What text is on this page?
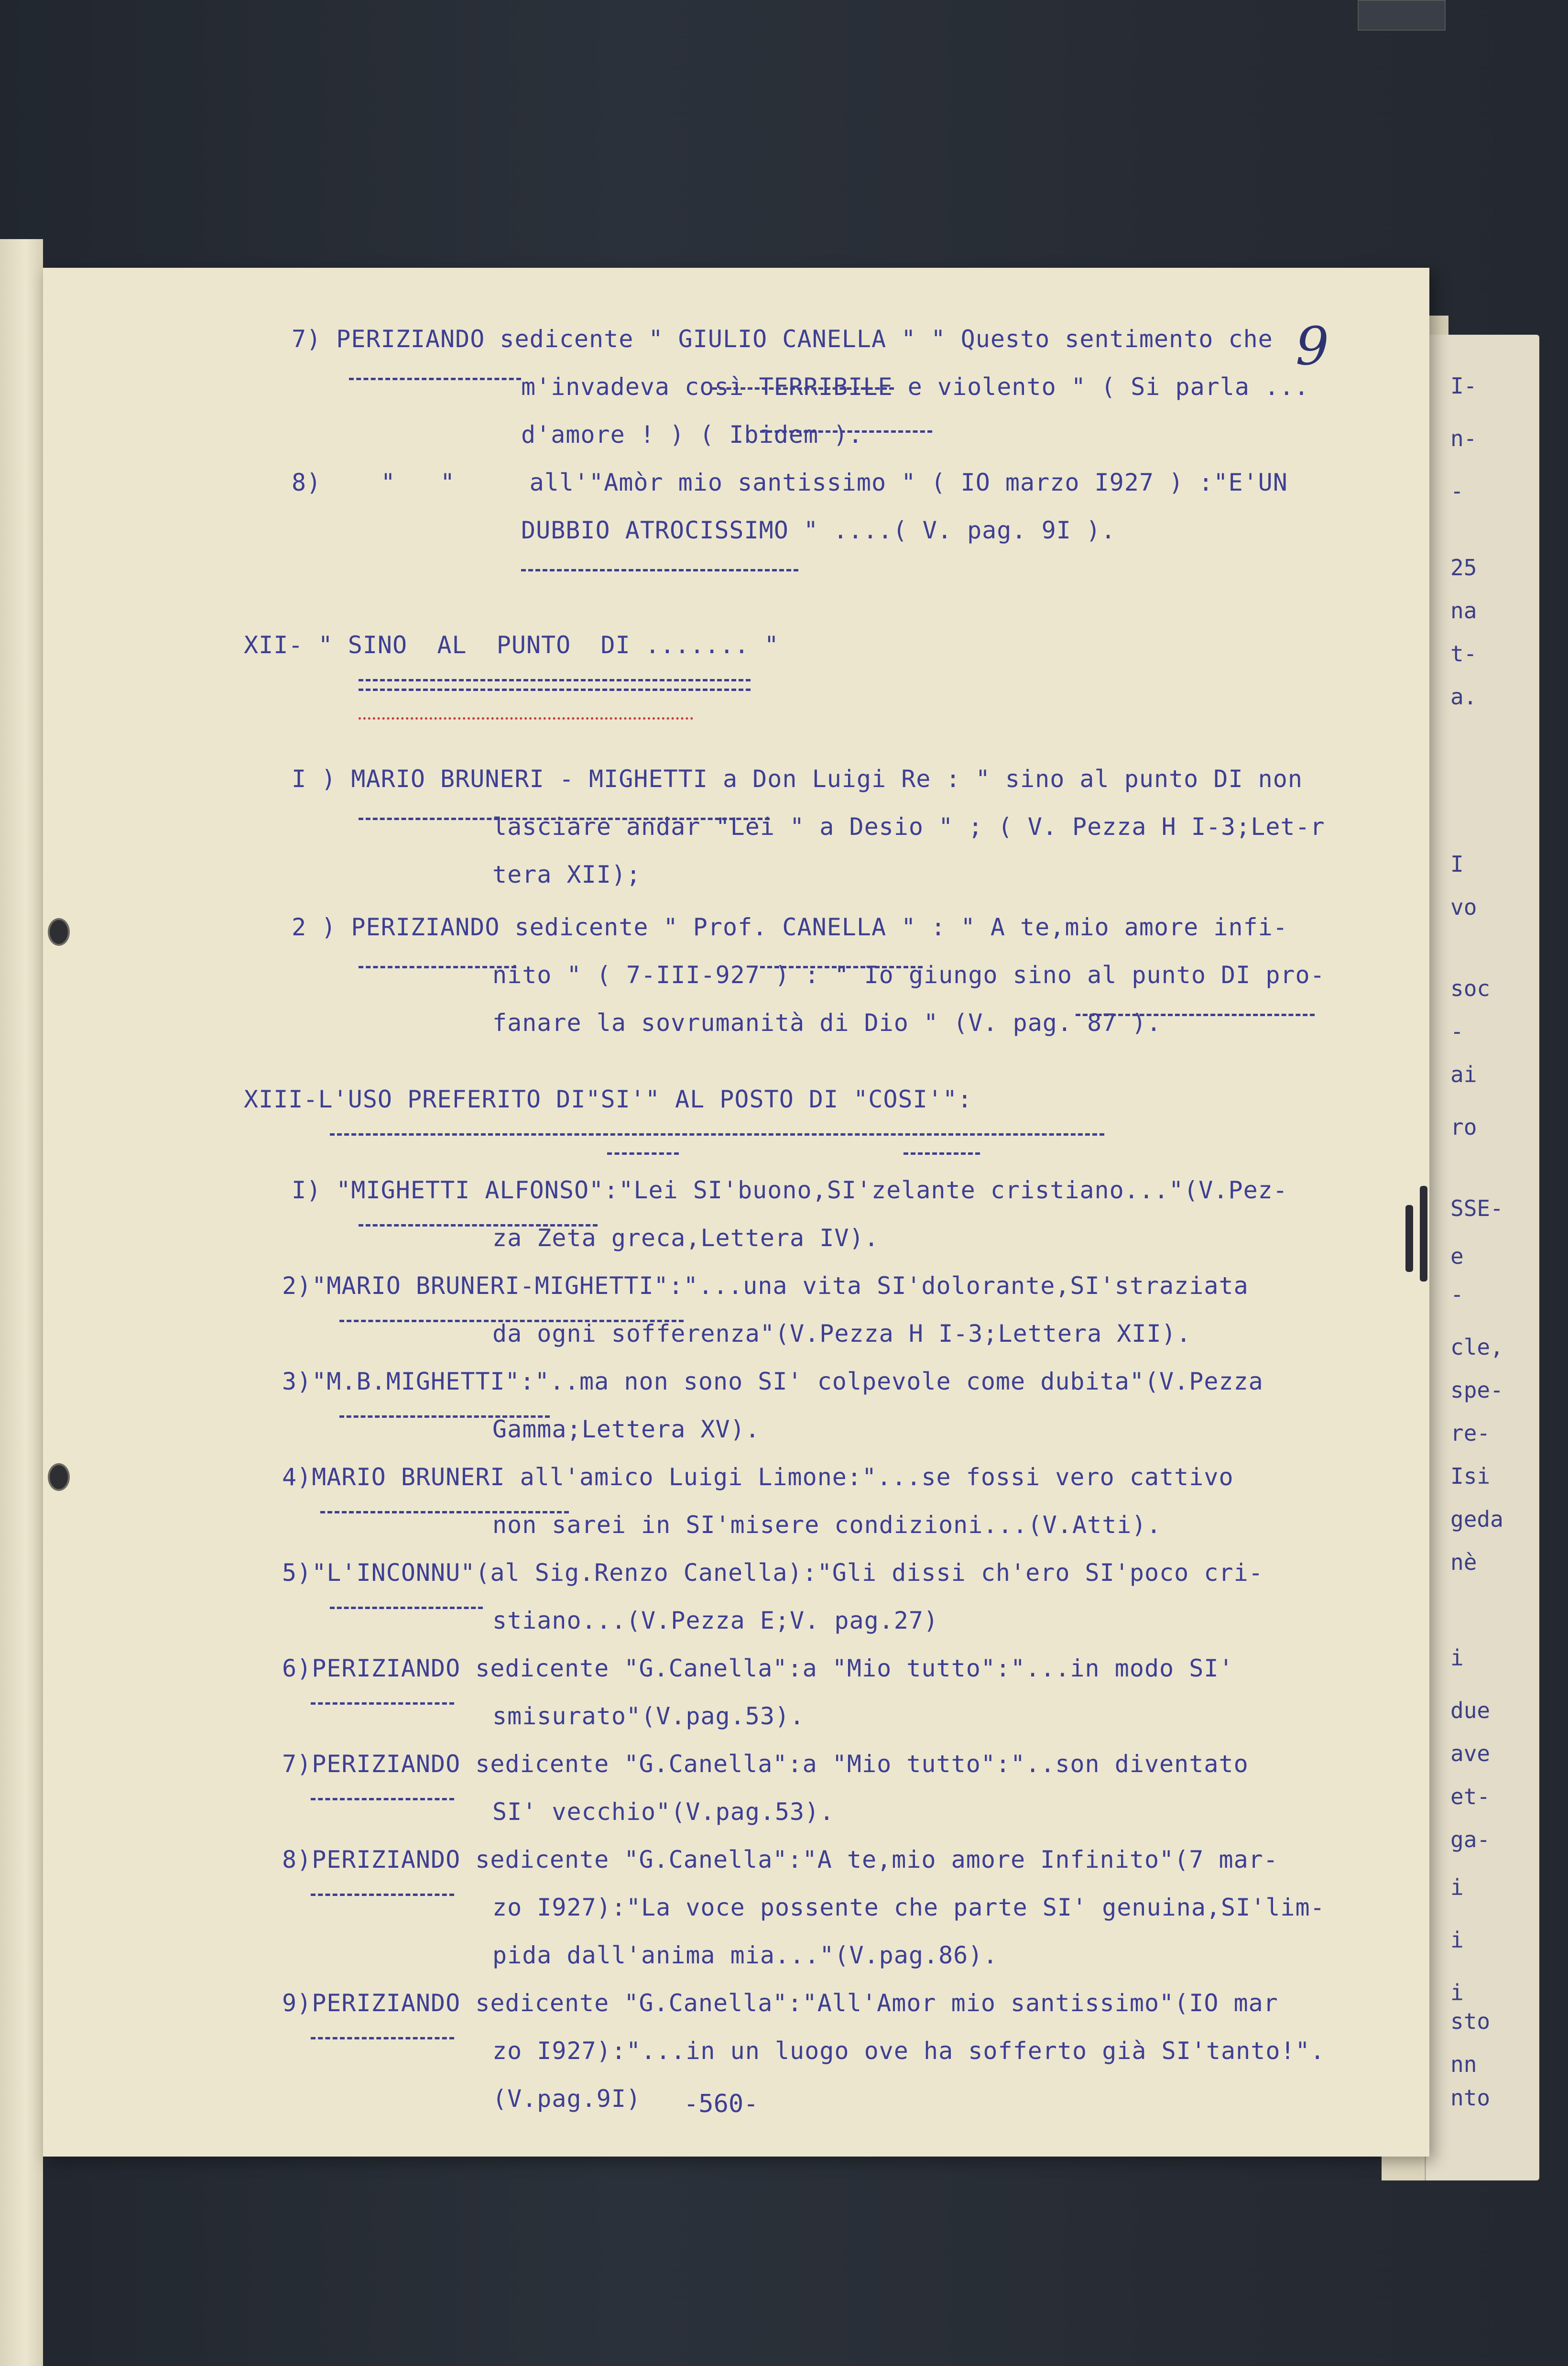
I-
n-
-
25
na
t-
a.
I
vo
soc
-
ai
ro
SSE-
e
-
cle,
spe-
re-
Isi
geda
nè
i
due
ave
et-
ga-
i
i
i
sto
nn
nto
9
7) PERIZIANDO sedicente " GIULIO CANELLA " " Questo sentimento che
m'invadeva così TERRIBILE e violento " ( Si parla ...
d'amore ! ) ( Ibidem ).
8)    "   "     all'"Amòr mio santissimo " ( IO marzo I927 ) :"E'UN
DUBBIO ATROCISSIMO " ....( V. pag. 9I ).
XII- " SINO  AL  PUNTO  DI ....... "
I ) MARIO BRUNERI - MIGHETTI a Don Luigi Re : " sino al punto DI non
lasciare andar "Lei " a Desio " ; ( V. Pezza H I-3;Let-r
tera XII);
2 ) PERIZIANDO sedicente " Prof. CANELLA " : " A te,mio amore infi-
nito " ( 7-III-927 ) : " Io giungo sino al punto DI pro-
fanare la sovrumanità di Dio " (V. pag. 87 ).
XIII-L'USO PREFERITO DI"SI'" AL POSTO DI "COSI'":
I) "MIGHETTI ALFONSO":"Lei SI'buono,SI'zelante cristiano..."(V.Pez-
za Zeta greca,Lettera IV).
2)"MARIO BRUNERI-MIGHETTI":"...una vita SI'dolorante,SI'straziata
da ogni sofferenza"(V.Pezza H I-3;Lettera XII).
3)"M.B.MIGHETTI":"..ma non sono SI' colpevole come dubita"(V.Pezza
Gamma;Lettera XV).
4)MARIO BRUNERI all'amico Luigi Limone:"...se fossi vero cattivo
non sarei in SI'misere condizioni...(V.Atti).
5)"L'INCONNU"(al Sig.Renzo Canella):"Gli dissi ch'ero SI'poco cri-
stiano...(V.Pezza E;V. pag.27)
6)PERIZIANDO sedicente "G.Canella":a "Mio tutto":"...in modo SI'
smisurato"(V.pag.53).
7)PERIZIANDO sedicente "G.Canella":a "Mio tutto":"..son diventato
SI' vecchio"(V.pag.53).
8)PERIZIANDO sedicente "G.Canella":"A te,mio amore Infinito"(7 mar-
zo I927):"La voce possente che parte SI' genuina,SI'lim-
pida dall'anima mia..."(V.pag.86).
9)PERIZIANDO sedicente "G.Canella":"All'Amor mio santissimo"(IO mar
zo I927):"...in un luogo ove ha sofferto già SI'tanto!".
(V.pag.9I) -560-
